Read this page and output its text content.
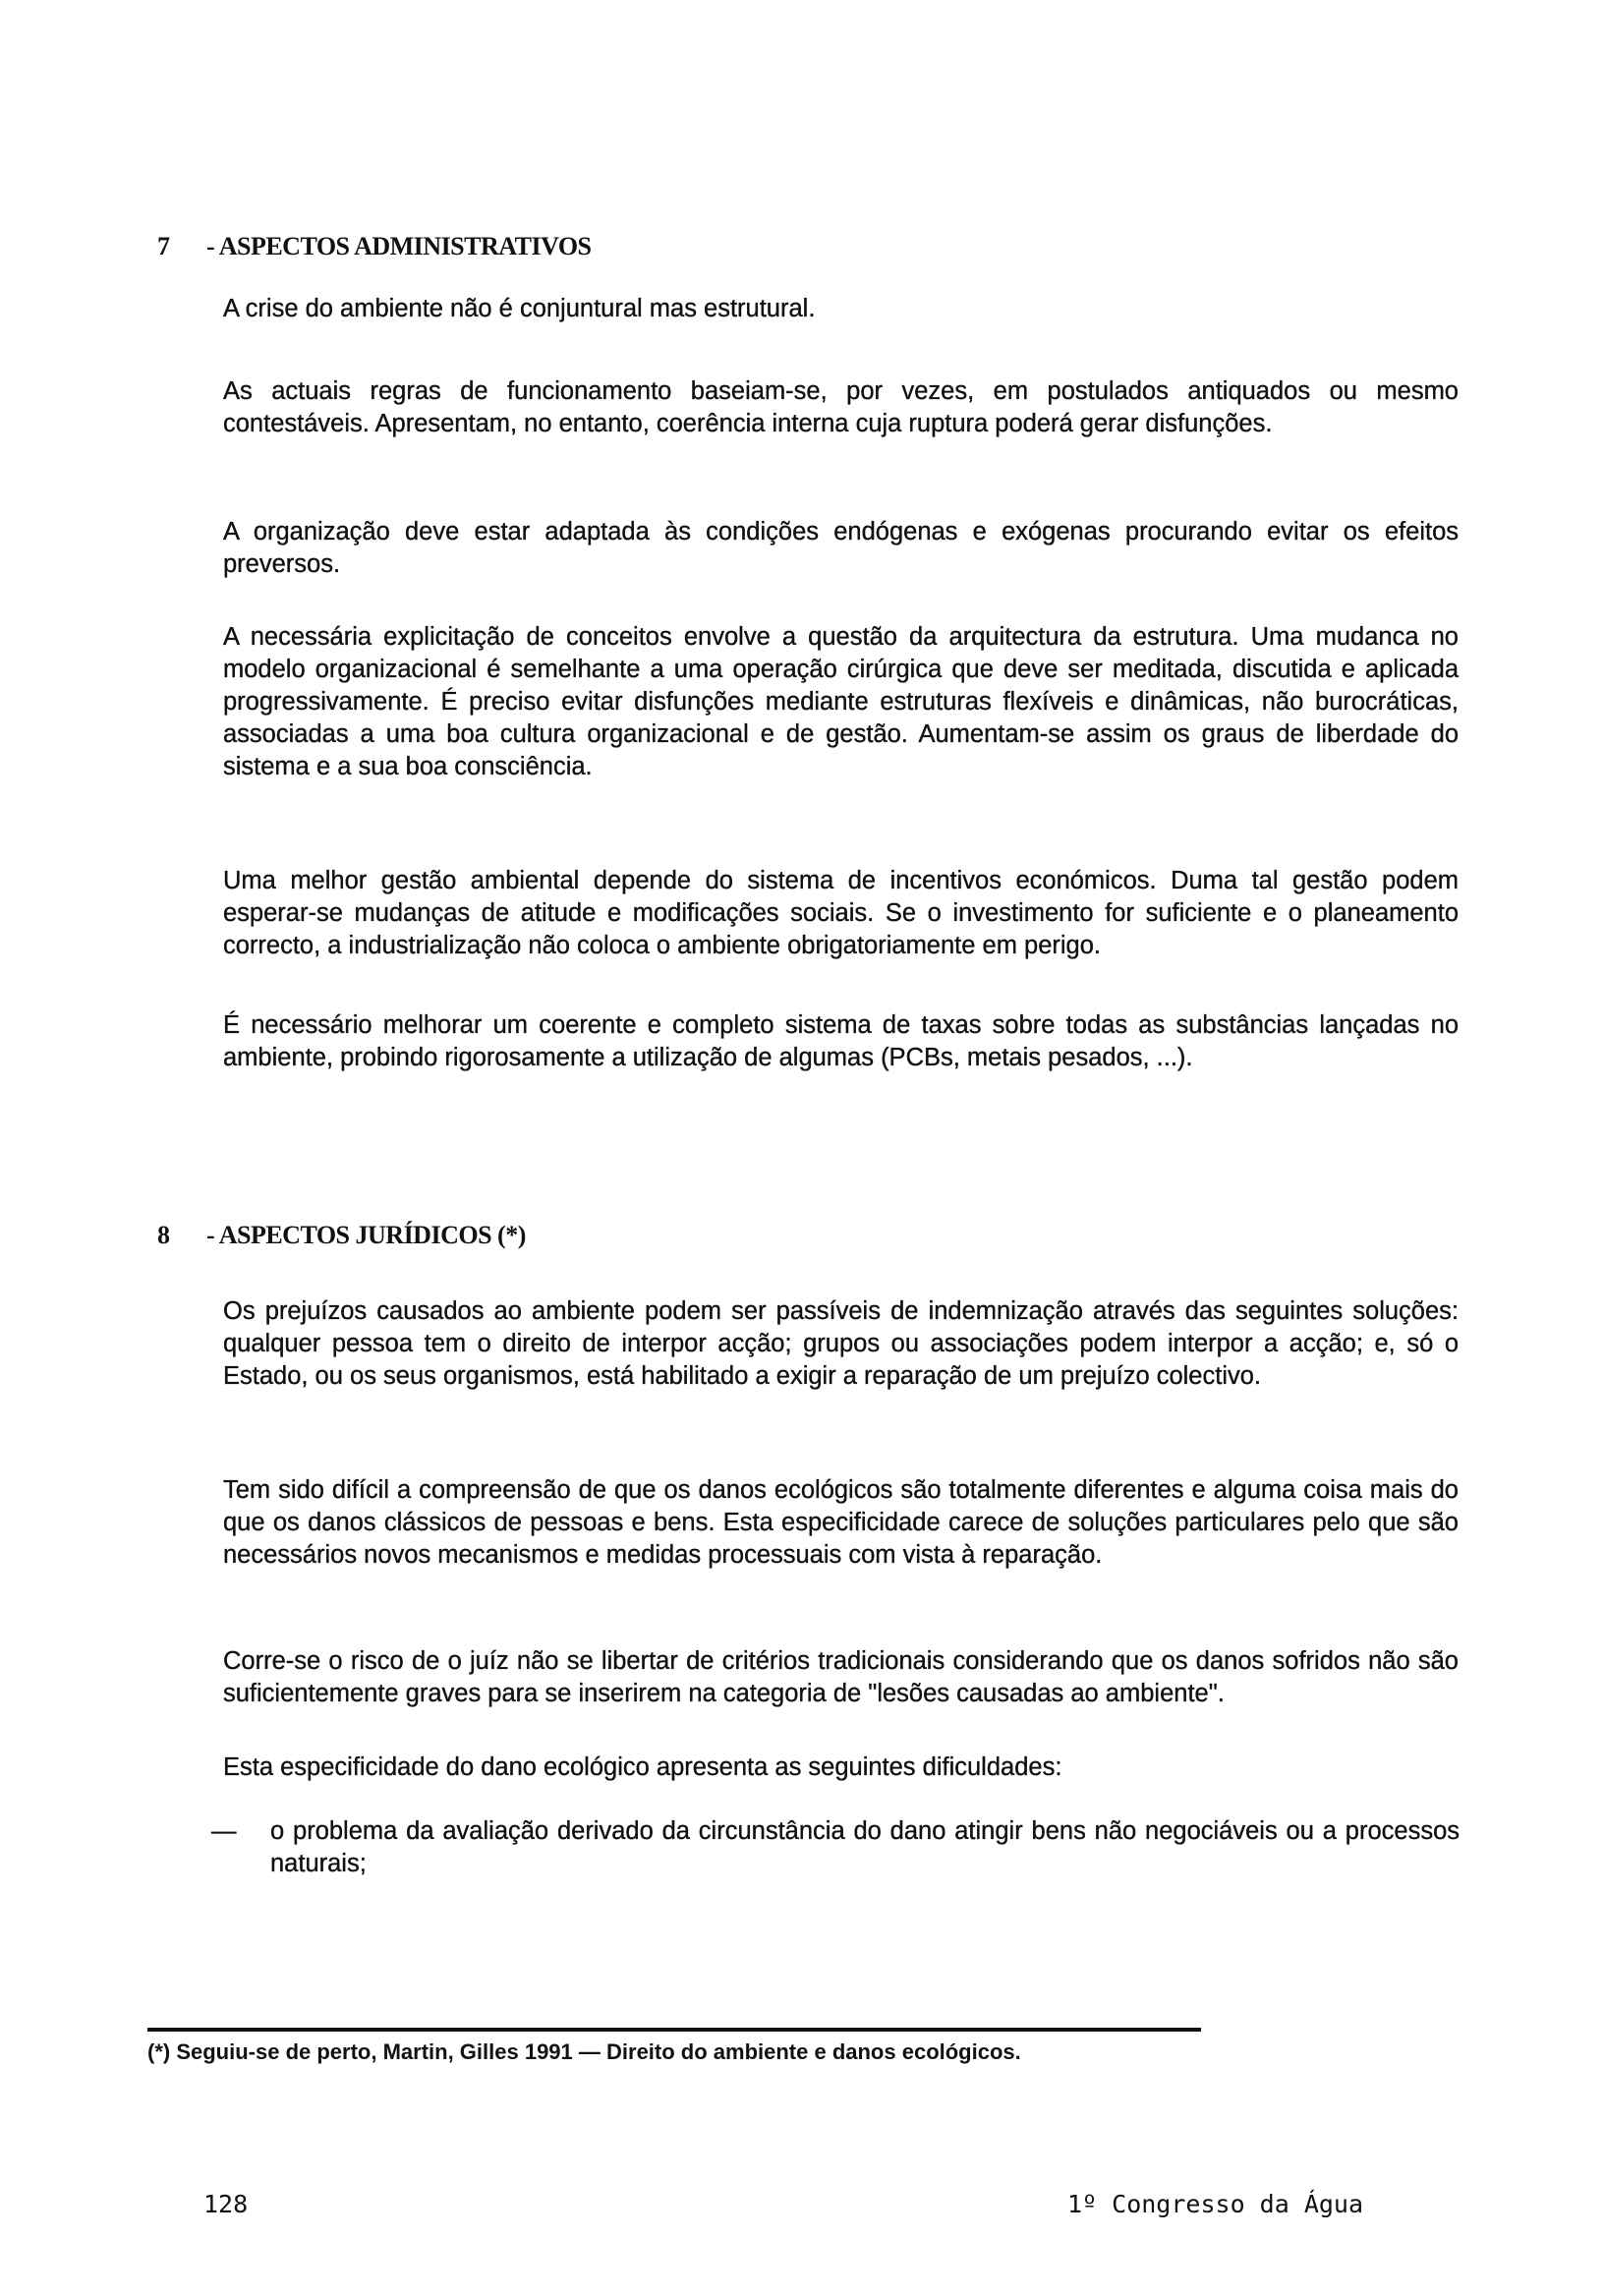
7 - ASPECTOS ADMINISTRATIVOS
A crise do ambiente não é conjuntural mas estrutural.
As actuais regras de funcionamento baseiam-se, por vezes, em postulados antiquados ou mesmo contestáveis. Apresentam, no entanto, coerência interna cuja ruptura poderá gerar disfunções.
A organização deve estar adaptada às condições endógenas e exógenas procurando evitar os efeitos preversos.
A necessária explicitação de conceitos envolve a questão da arquitectura da estrutura. Uma mudanca no modelo organizacional é semelhante a uma operação cirúrgica que deve ser meditada, discutida e aplicada progressivamente. É preciso evitar disfunções mediante estruturas flexíveis e dinâmicas, não burocráticas, associadas a uma boa cultura organizacional e de gestão. Aumentam-se assim os graus de liberdade do sistema e a sua boa consciência.
Uma melhor gestão ambiental depende do sistema de incentivos económicos. Duma tal gestão podem esperar-se mudanças de atitude e modificações sociais. Se o investimento for suficiente e o planeamento correcto, a industrialização não coloca o ambiente obrigatoriamente em perigo.
É necessário melhorar um coerente e completo sistema de taxas sobre todas as substâncias lançadas no ambiente, probindo rigorosamente a utilização de algumas (PCBs, metais pesados, ...).
8 - ASPECTOS JURÍDICOS (*)
Os prejuízos causados ao ambiente podem ser passíveis de indemnização através das seguintes soluções: qualquer pessoa tem o direito de interpor acção; grupos ou associações podem interpor a acção; e, só o Estado, ou os seus organismos, está habilitado a exigir a reparação de um prejuízo colectivo.
Tem sido difícil a compreensão de que os danos ecológicos são totalmente diferentes e alguma coisa mais do que os danos clássicos de pessoas e bens. Esta especificidade carece de soluções particulares pelo que são necessários novos mecanismos e medidas processuais com vista à reparação.
Corre-se o risco de o juíz não se libertar de critérios tradicionais considerando que os danos sofridos não são suficientemente graves para se inserirem na categoria de "lesões causadas ao ambiente".
Esta especificidade do dano ecológico apresenta as seguintes dificuldades:
—	o problema da avaliação derivado da circunstância do dano atingir bens não negociáveis ou a processos naturais;
(*) Seguiu-se de perto, Martin, Gilles 1991 — Direito do ambiente e danos ecológicos.
128	1º Congresso da Água
